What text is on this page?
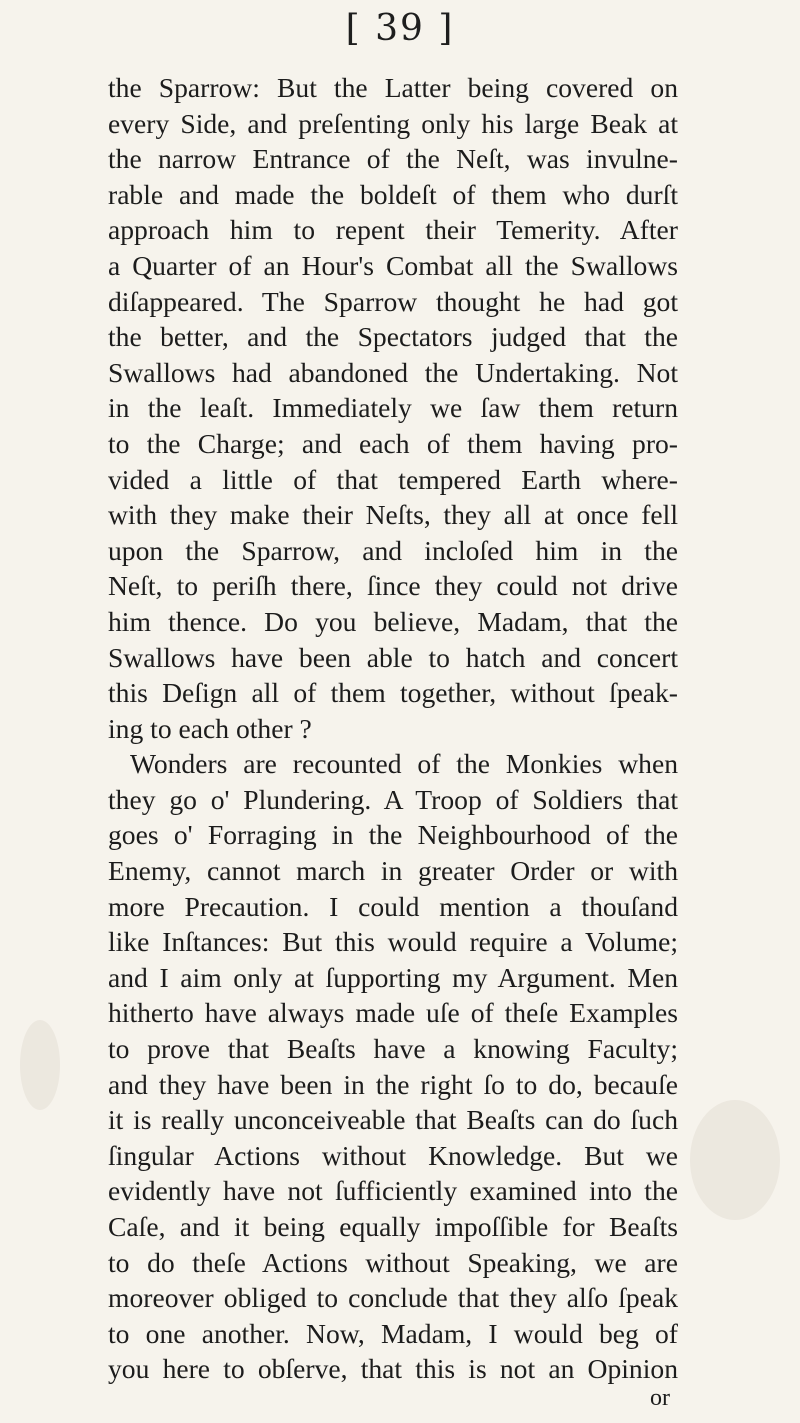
[ 39 ]
the Sparrow: But the Latter being covered on
every Side, and preſenting only his large Beak at
the narrow Entrance of the Neſt, was invulne-
rable and made the boldeſt of them who durſt
approach him to repent their Temerity. After
a Quarter of an Hour's Combat all the Swallows
diſappeared. The Sparrow thought he had got
the better, and the Spectators judged that the
Swallows had abandoned the Undertaking. Not
in the leaſt. Immediately we ſaw them return
to the Charge; and each of them having pro-
vided a little of that tempered Earth where-
with they make their Neſts, they all at once fell
upon the Sparrow, and incloſed him in the
Neſt, to periſh there, ſince they could not drive
him thence. Do you believe, Madam, that the
Swallows have been able to hatch and concert
this Deſign all of them together, without ſpeak-
ing to each other ?
Wonders are recounted of the Monkies when
they go o' Plundering. A Troop of Soldiers that
goes o' Forraging in the Neighbourhood of the
Enemy, cannot march in greater Order or with
more Precaution. I could mention a thouſand
like Inſtances: But this would require a Volume;
and I aim only at ſupporting my Argument. Men
hitherto have always made uſe of theſe Examples
to prove that Beaſts have a knowing Faculty;
and they have been in the right ſo to do, becauſe
it is really unconceiveable that Beaſts can do ſuch
ſingular Actions without Knowledge. But we
evidently have not ſufficiently examined into the
Caſe, and it being equally impoſſible for Beaſts
to do theſe Actions without Speaking, we are
moreover obliged to conclude that they alſo ſpeak
to one another. Now, Madam, I would beg of
you here to obſerve, that this is not an Opinion
or
